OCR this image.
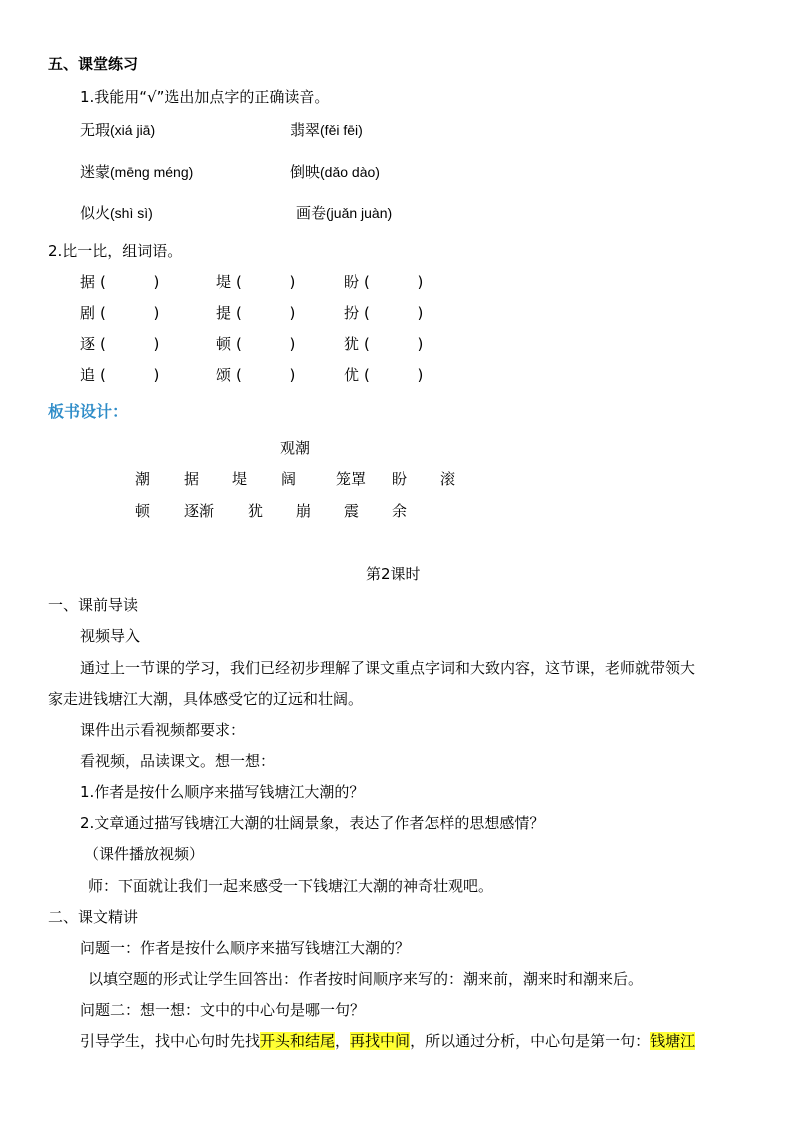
五、课堂练习
1.我能用“√”选出加点字的正确读音。
无瑕(xiá jiā)	翡翠(fěi fēi)
迷蒙(mēng méng)	倒映(dǎo dào)
似火(shì sì)	画卷(juǎn juàn)
2.比一比，组词语。
据 (          )	堤 (          )	盼 (          )
剧 (          )	提 (          )	扮 (          )
逐 (          )	顿 (          )	犹 (          )
追 (          )	颂 (          )	优 (          )
板书设计：
观潮
潮 据 堤 阔	笼罩 盼 滚
顿 逐渐 犹 崩 震 余
第2课时
一、课前导读
视频导入
通过上一节课的学习，我们已经初步理解了课文重点字词和大致内容，这节课，老师就带领大
家走进钱塘江大潮，具体感受它的辽远和壮阔。
课件出示看视频都要求：
看视频，品读课文。想一想：
1.作者是按什么顺序来描写钱塘江大潮的？
2.文章通过描写钱塘江大潮的壮阔景象，表达了作者怎样的思想感情？
（课件播放视频）
师：下面就让我们一起来感受一下钱塘江大潮的神奇壮观吧。
二、课文精讲
问题一：作者是按什么顺序来描写钱塘江大潮的？
以填空题的形式让学生回答出：作者按时间顺序来写的：潮来前，潮来时和潮来后。
问题二：想一想：文中的中心句是哪一句？
引导学生，找中心句时先找开头和结尾，再找中间，所以通过分析，中心句是第一句：钱塘江
